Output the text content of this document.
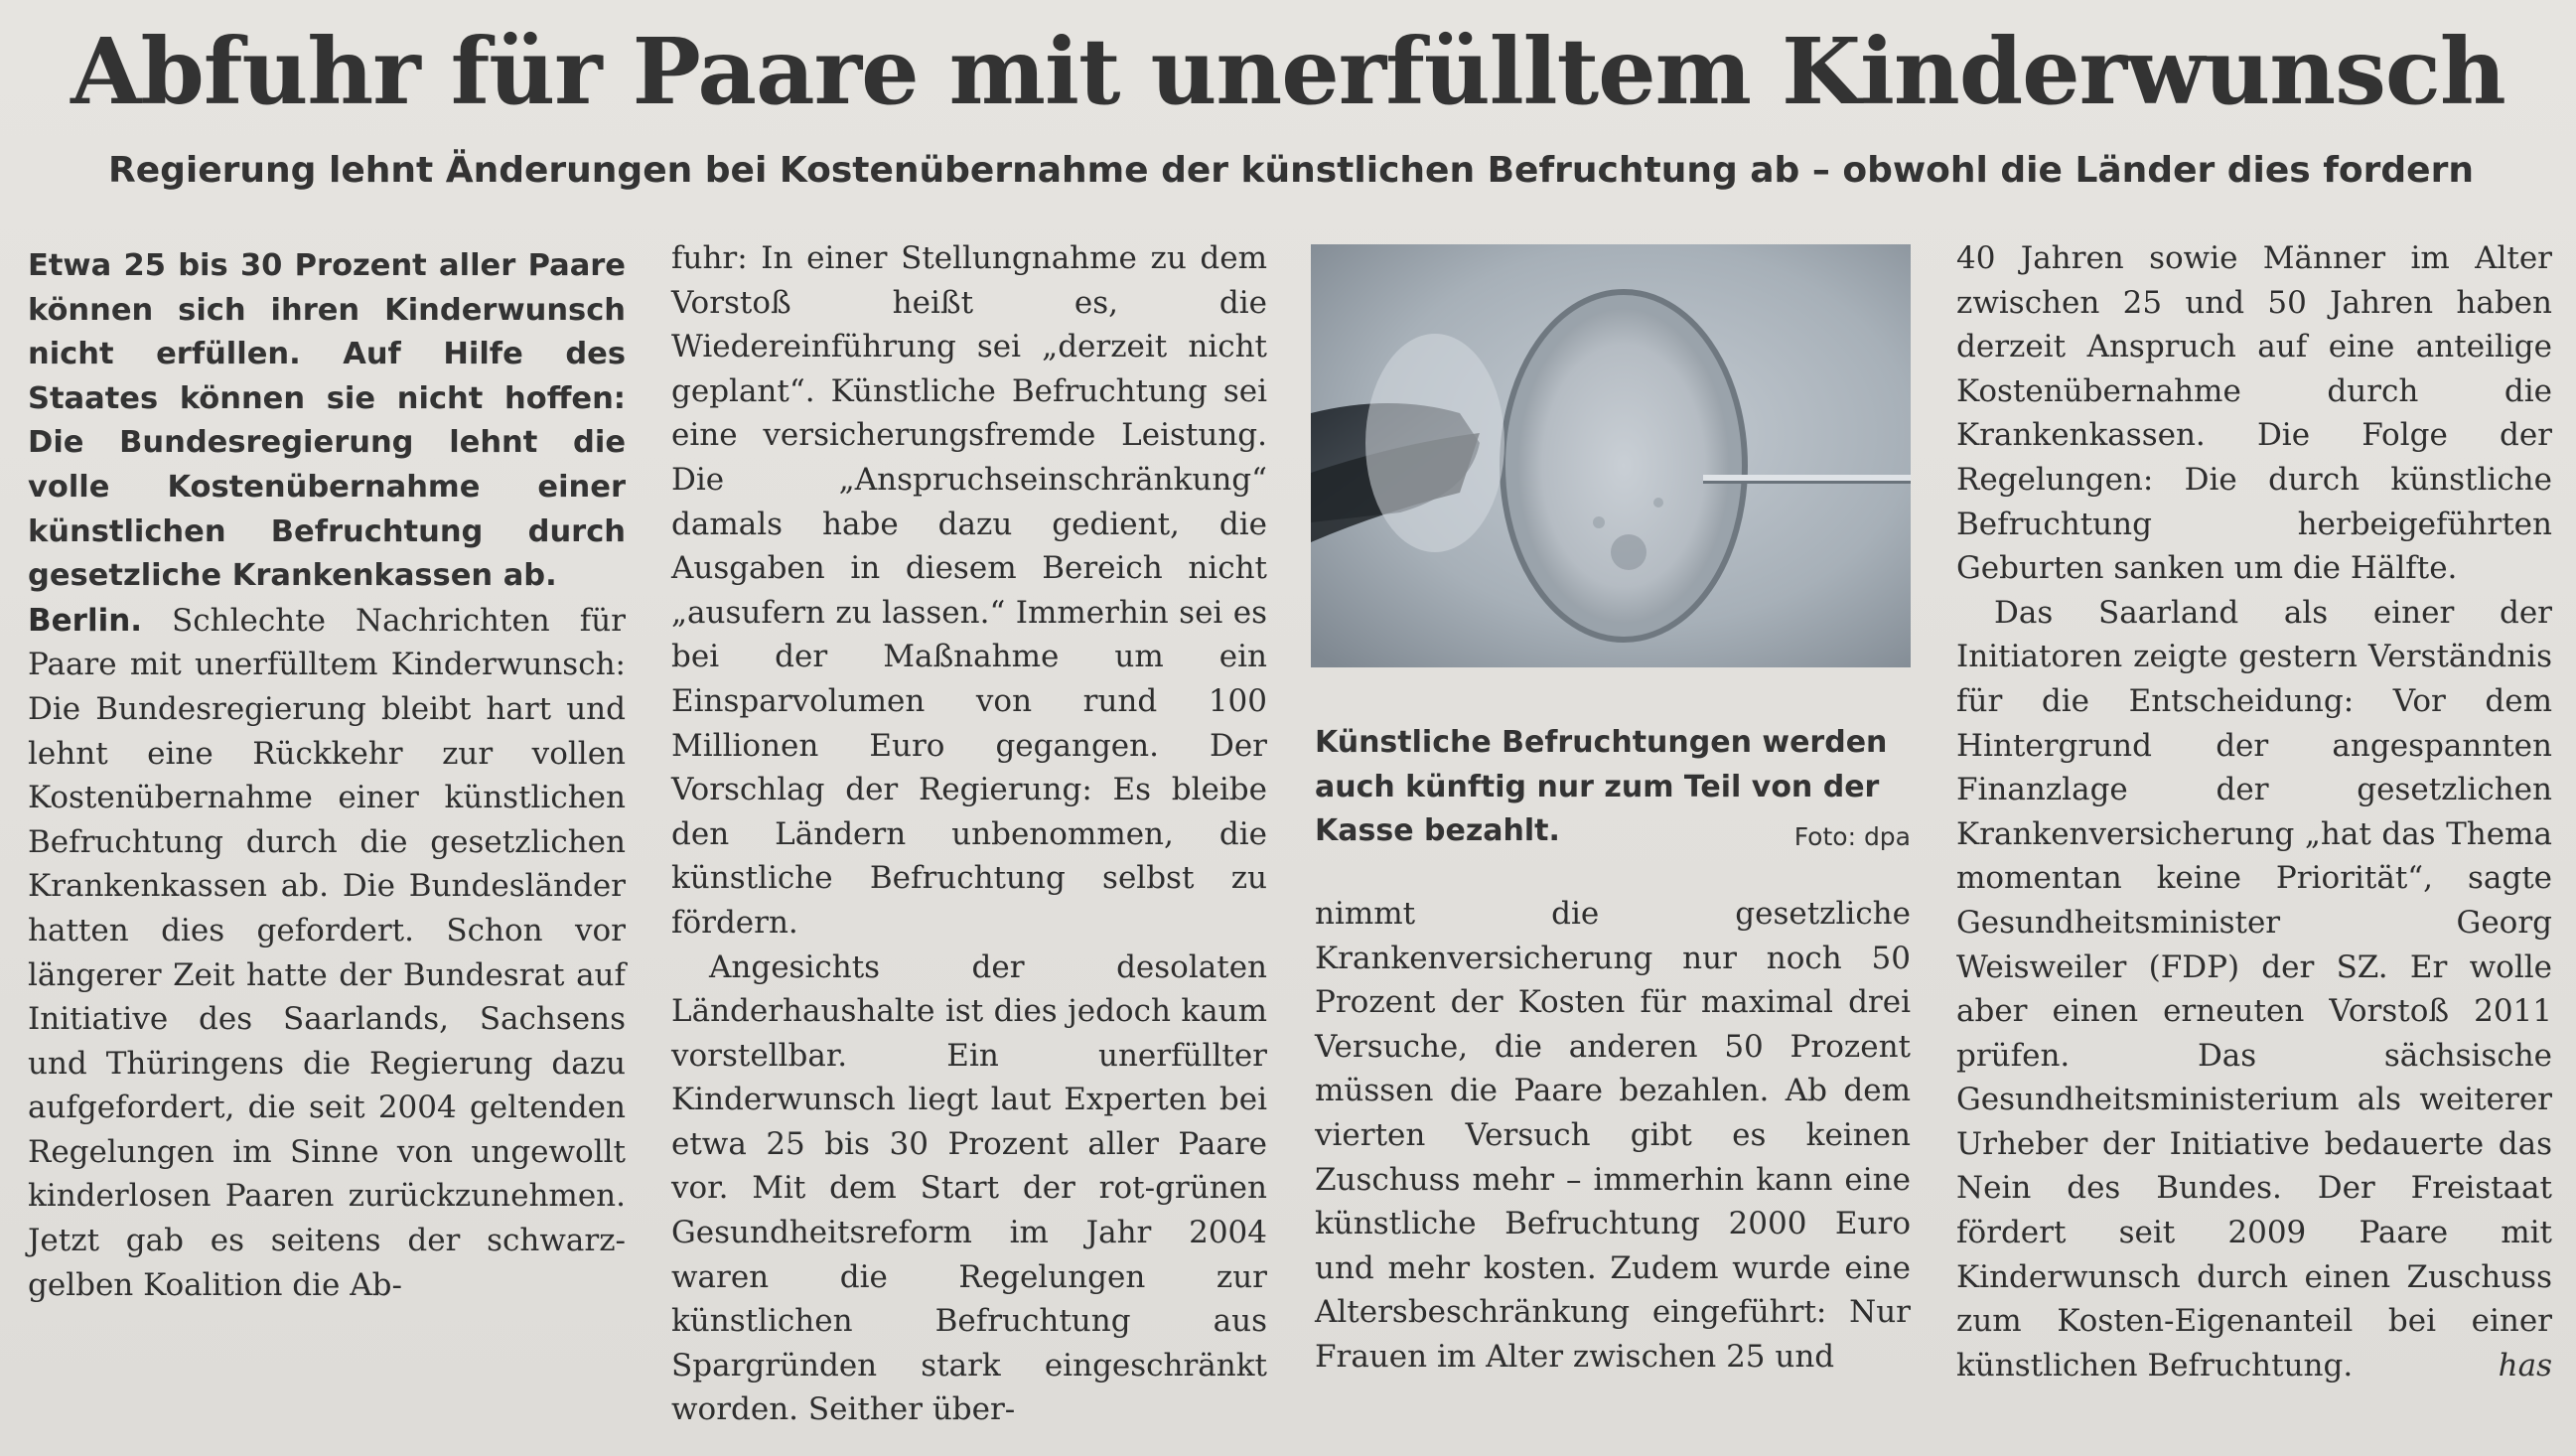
Abfuhr für Paare mit unerfülltem Kinderwunsch
Regierung lehnt Änderungen bei Kostenübernahme der künstlichen Befruchtung ab – obwohl die Länder dies fordern

Etwa 25 bis 30 Prozent aller Paare können sich ihren Kinderwunsch nicht erfüllen. Auf Hilfe des Staates können sie nicht hoffen: Die Bundesregierung lehnt die volle Kostenübernahme einer künstlichen Befruchtung durch gesetzliche Krankenkassen ab.

Berlin. Schlechte Nachrichten für Paare mit unerfülltem Kinderwunsch: Die Bundesregierung bleibt hart und lehnt eine Rückkehr zur vollen Kostenübernahme einer künstlichen Befruchtung durch die gesetzlichen Krankenkassen ab. Die Bundesländer hatten dies gefordert. Schon vor längerer Zeit hatte der Bundesrat auf Initiative des Saarlands, Sachsens und Thüringens die Regierung dazu aufgefordert, die seit 2004 geltenden Regelungen im Sinne von ungewollt kinderlosen Paaren zurückzunehmen. Jetzt gab es seitens der schwarz-gelben Koalition die Ab-

fuhr: In einer Stellungnahme zu dem Vorstoß heißt es, die Wiedereinführung sei „derzeit nicht geplant“. Künstliche Befruchtung sei eine versicherungsfremde Leistung. Die „Anspruchseinschränkung“ damals habe dazu gedient, die Ausgaben in diesem Bereich nicht „ausufern zu lassen.“ Immerhin sei es bei der Maßnahme um ein Einsparvolumen von rund 100 Millionen Euro gegangen. Der Vorschlag der Regierung: Es bleibe den Ländern unbenommen, die künstliche Befruchtung selbst zu fördern.

Angesichts der desolaten Länderhaushalte ist dies jedoch kaum vorstellbar. Ein unerfüllter Kinderwunsch liegt laut Experten bei etwa 25 bis 30 Prozent aller Paare vor. Mit dem Start der rot-grünen Gesundheitsreform im Jahr 2004 waren die Regelungen zur künstlichen Befruchtung aus Spargründen stark eingeschränkt worden. Seither über-

Künstliche Befruchtungen werden auch künftig nur zum Teil von der Kasse bezahlt.	Foto: dpa

nimmt die gesetzliche Krankenversicherung nur noch 50 Prozent der Kosten für maximal drei Versuche, die anderen 50 Prozent müssen die Paare bezahlen. Ab dem vierten Versuch gibt es keinen Zuschuss mehr – immerhin kann eine künstliche Befruchtung 2000 Euro und mehr kosten. Zudem wurde eine Altersbeschränkung eingeführt: Nur Frauen im Alter zwischen 25 und

40 Jahren sowie Männer im Alter zwischen 25 und 50 Jahren haben derzeit Anspruch auf eine anteilige Kostenübernahme durch die Krankenkassen. Die Folge der Regelungen: Die durch künstliche Befruchtung herbeigeführten Geburten sanken um die Hälfte.

Das Saarland als einer der Initiatoren zeigte gestern Verständnis für die Entscheidung: Vor dem Hintergrund der angespannten Finanzlage der gesetzlichen Krankenversicherung „hat das Thema momentan keine Priorität“, sagte Gesundheitsminister Georg Weisweiler (FDP) der SZ. Er wolle aber einen erneuten Vorstoß 2011 prüfen. Das sächsische Gesundheitsministerium als weiterer Urheber der Initiative bedauerte das Nein des Bundes. Der Freistaat fördert seit 2009 Paare mit Kinderwunsch durch einen Zuschuss zum Kosten-Eigenanteil bei einer künstlichen Befruchtung.	has
